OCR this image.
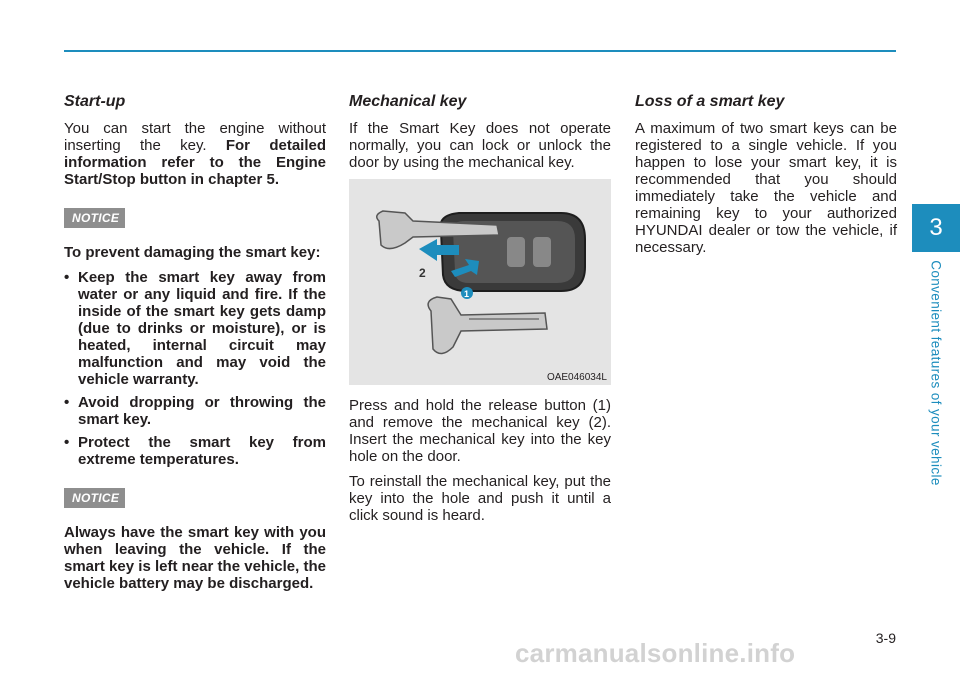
Start-up

You can start the engine without inserting the key. For detailed information refer to the Engine Start/Stop button in chapter 5.

NOTICE

To prevent damaging the smart key:

• Keep the smart key away from water or any liquid and fire. If the inside of the smart key gets damp (due to drinks or moisture), or is heated, internal circuit may malfunction and may void the vehicle warranty.
• Avoid dropping or throwing the smart key.
• Protect the smart key from extreme temperatures.
NOTICE

Always have the smart key with you when leaving the vehicle. If the smart key is left near the vehicle, the vehicle battery may be discharged.

Mechanical key

If the Smart Key does not operate normally, you can lock or unlock the door by using the mechanical key.

2
1
OAE046034L

Press and hold the release button (1) and remove the mechanical key (2). Insert the mechanical key into the key hole on the door.

To reinstall the mechanical key, put the key into the hole and push it until a click sound is heard.

Loss of a smart key

A maximum of two smart keys can be registered to a single vehicle. If you happen to lose your smart key, it is recommended that you should immediately take the vehicle and remaining key to your authorized HYUNDAI dealer or tow the vehicle, if necessary.

3
Convenient features of your vehicle
3-9
carmanualsonline.info
